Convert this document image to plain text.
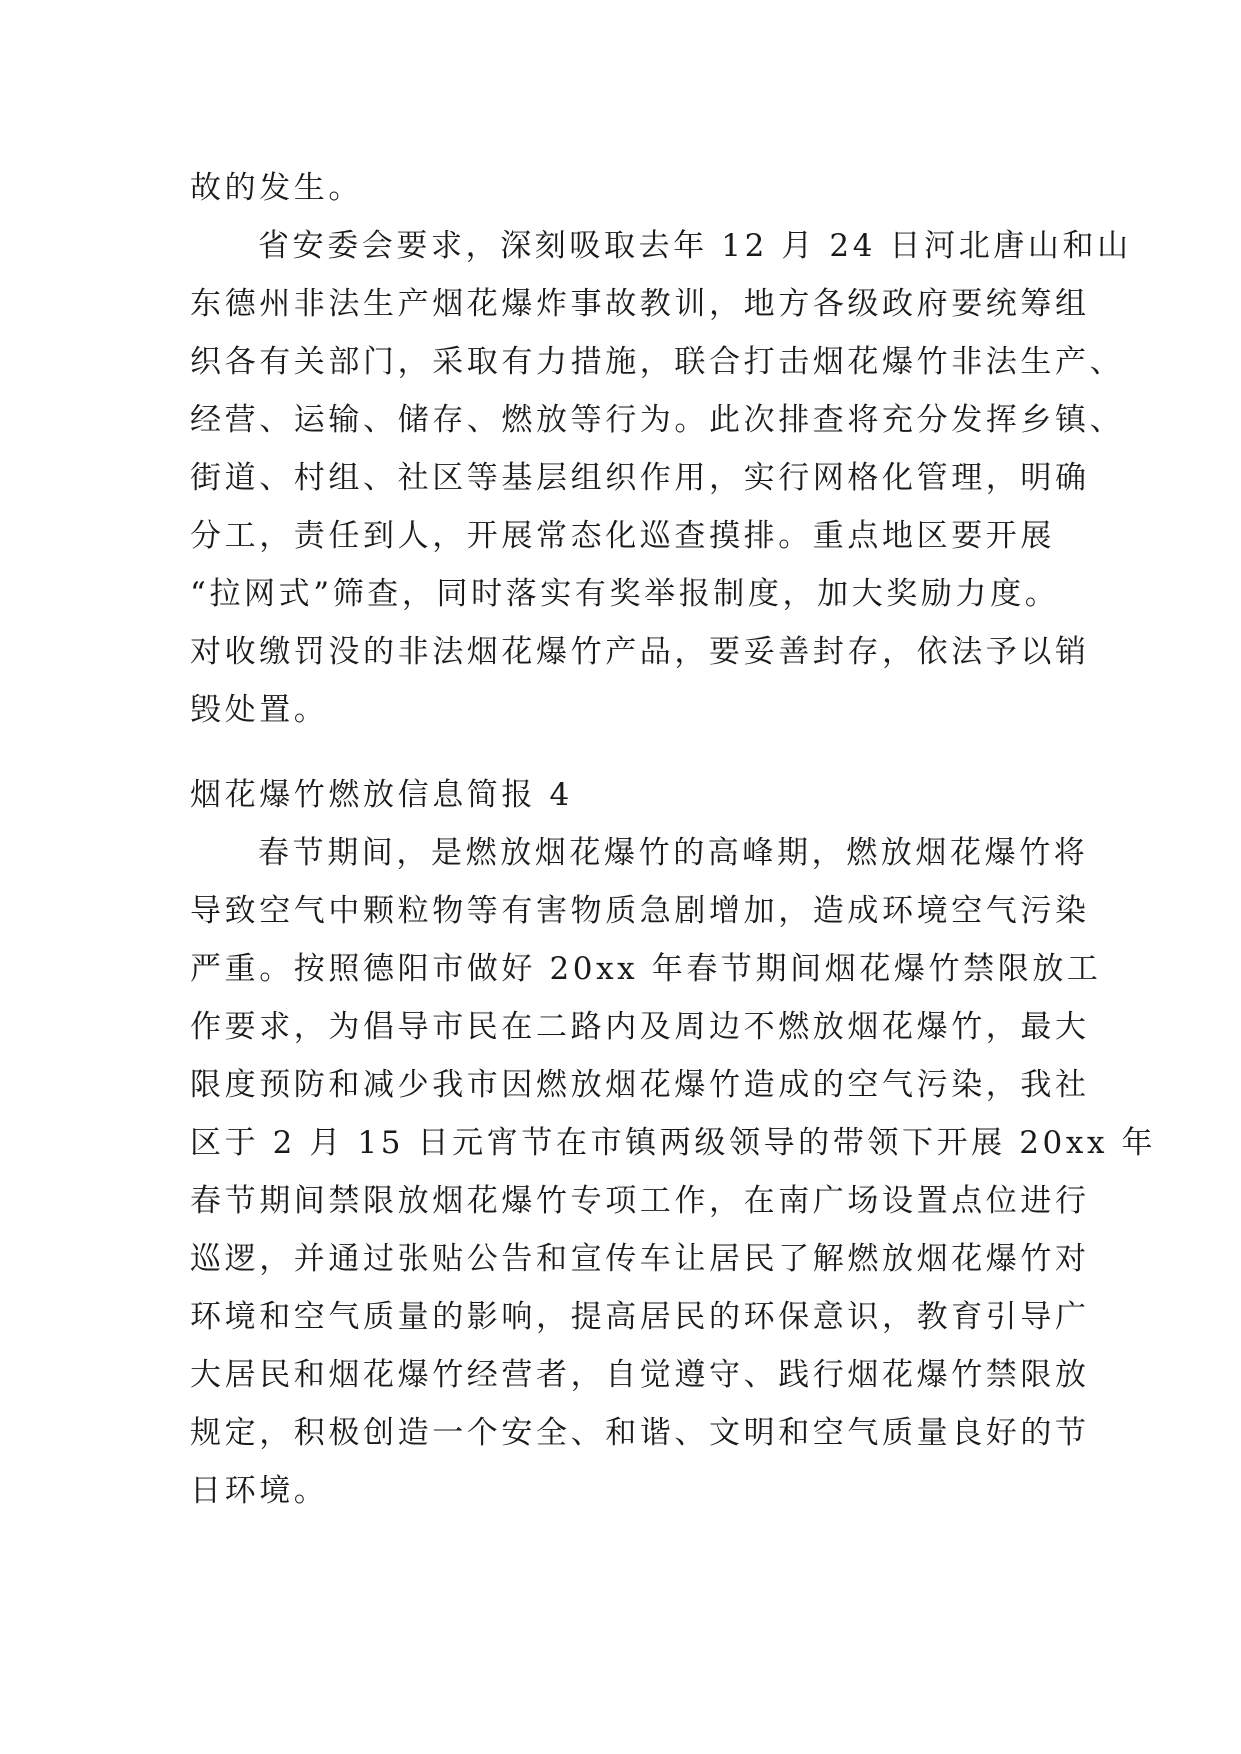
故的发生。
省安委会要求，深刻吸取去年 12 月 24 日河北唐山和山
东德州非法生产烟花爆炸事故教训，地方各级政府要统筹组
织各有关部门，采取有力措施，联合打击烟花爆竹非法生产、
经营、运输、储存、燃放等行为。此次排查将充分发挥乡镇、
街道、村组、社区等基层组织作用，实行网格化管理，明确
分工，责任到人，开展常态化巡查摸排。重点地区要开展
“拉网式”筛查，同时落实有奖举报制度，加大奖励力度。
对收缴罚没的非法烟花爆竹产品，要妥善封存，依法予以销
毁处置。
烟花爆竹燃放信息简报 4
春节期间，是燃放烟花爆竹的高峰期，燃放烟花爆竹将
导致空气中颗粒物等有害物质急剧增加，造成环境空气污染
严重。按照德阳市做好 20xx 年春节期间烟花爆竹禁限放工
作要求，为倡导市民在二路内及周边不燃放烟花爆竹，最大
限度预防和减少我市因燃放烟花爆竹造成的空气污染，我社
区于 2 月 15 日元宵节在市镇两级领导的带领下开展 20xx 年
春节期间禁限放烟花爆竹专项工作，在南广场设置点位进行
巡逻，并通过张贴公告和宣传车让居民了解燃放烟花爆竹对
环境和空气质量的影响，提高居民的环保意识，教育引导广
大居民和烟花爆竹经营者，自觉遵守、践行烟花爆竹禁限放
规定，积极创造一个安全、和谐、文明和空气质量良好的节
日环境。
